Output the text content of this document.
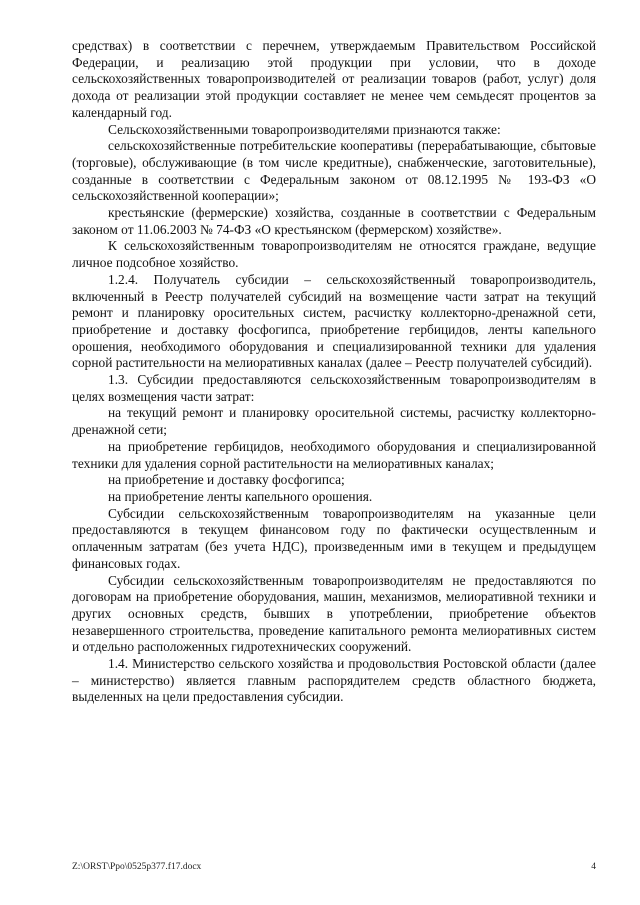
средствах) в соответствии с перечнем, утверждаемым Правительством Российской Федерации, и реализацию этой продукции при условии, что в доходе сельскохозяйственных товаропроизводителей от реализации товаров (работ, услуг) доля дохода от реализации этой продукции составляет не менее чем семьдесят процентов за календарный год.

Сельскохозяйственными товаропроизводителями признаются также:

сельскохозяйственные потребительские кооперативы (перерабатывающие, сбытовые (торговые), обслуживающие (в том числе кредитные), снабженческие, заготовительные), созданные в соответствии с Федеральным законом от 08.12.1995 № 193-ФЗ «О сельскохозяйственной кооперации»;

крестьянские (фермерские) хозяйства, созданные в соответствии с Федеральным законом от 11.06.2003 № 74-ФЗ «О крестьянском (фермерском) хозяйстве».

К сельскохозяйственным товаропроизводителям не относятся граждане, ведущие личное подсобное хозяйство.

1.2.4. Получатель субсидии – сельскохозяйственный товаропроизводитель, включенный в Реестр получателей субсидий на возмещение части затрат на текущий ремонт и планировку оросительных систем, расчистку коллекторно-дренажной сети, приобретение и доставку фосфогипса, приобретение гербицидов, ленты капельного орошения, необходимого оборудования и специализированной техники для удаления сорной растительности на мелиоративных каналах (далее – Реестр получателей субсидий).

1.3. Субсидии предоставляются сельскохозяйственным товаропроизводителям в целях возмещения части затрат:

на текущий ремонт и планировку оросительной системы, расчистку коллекторно-дренажной сети;

на приобретение гербицидов, необходимого оборудования и специализированной техники для удаления сорной растительности на мелиоративных каналах;

на приобретение и доставку фосфогипса;

на приобретение ленты капельного орошения.

Субсидии сельскохозяйственным товаропроизводителям на указанные цели предоставляются в текущем финансовом году по фактически осуществленным и оплаченным затратам (без учета НДС), произведенным ими в текущем и предыдущем финансовых годах.

Субсидии сельскохозяйственным товаропроизводителям не предоставляются по договорам на приобретение оборудования, машин, механизмов, мелиоративной техники и других основных средств, бывших в употреблении, приобретение объектов незавершенного строительства, проведение капитального ремонта мелиоративных систем и отдельно расположенных гидротехнических сооружений.

1.4. Министерство сельского хозяйства и продовольствия Ростовской области (далее – министерство) является главным распорядителем средств областного бюджета, выделенных на цели предоставления субсидии.

Z:\ORST\Ppo\0525p377.f17.docx	4
